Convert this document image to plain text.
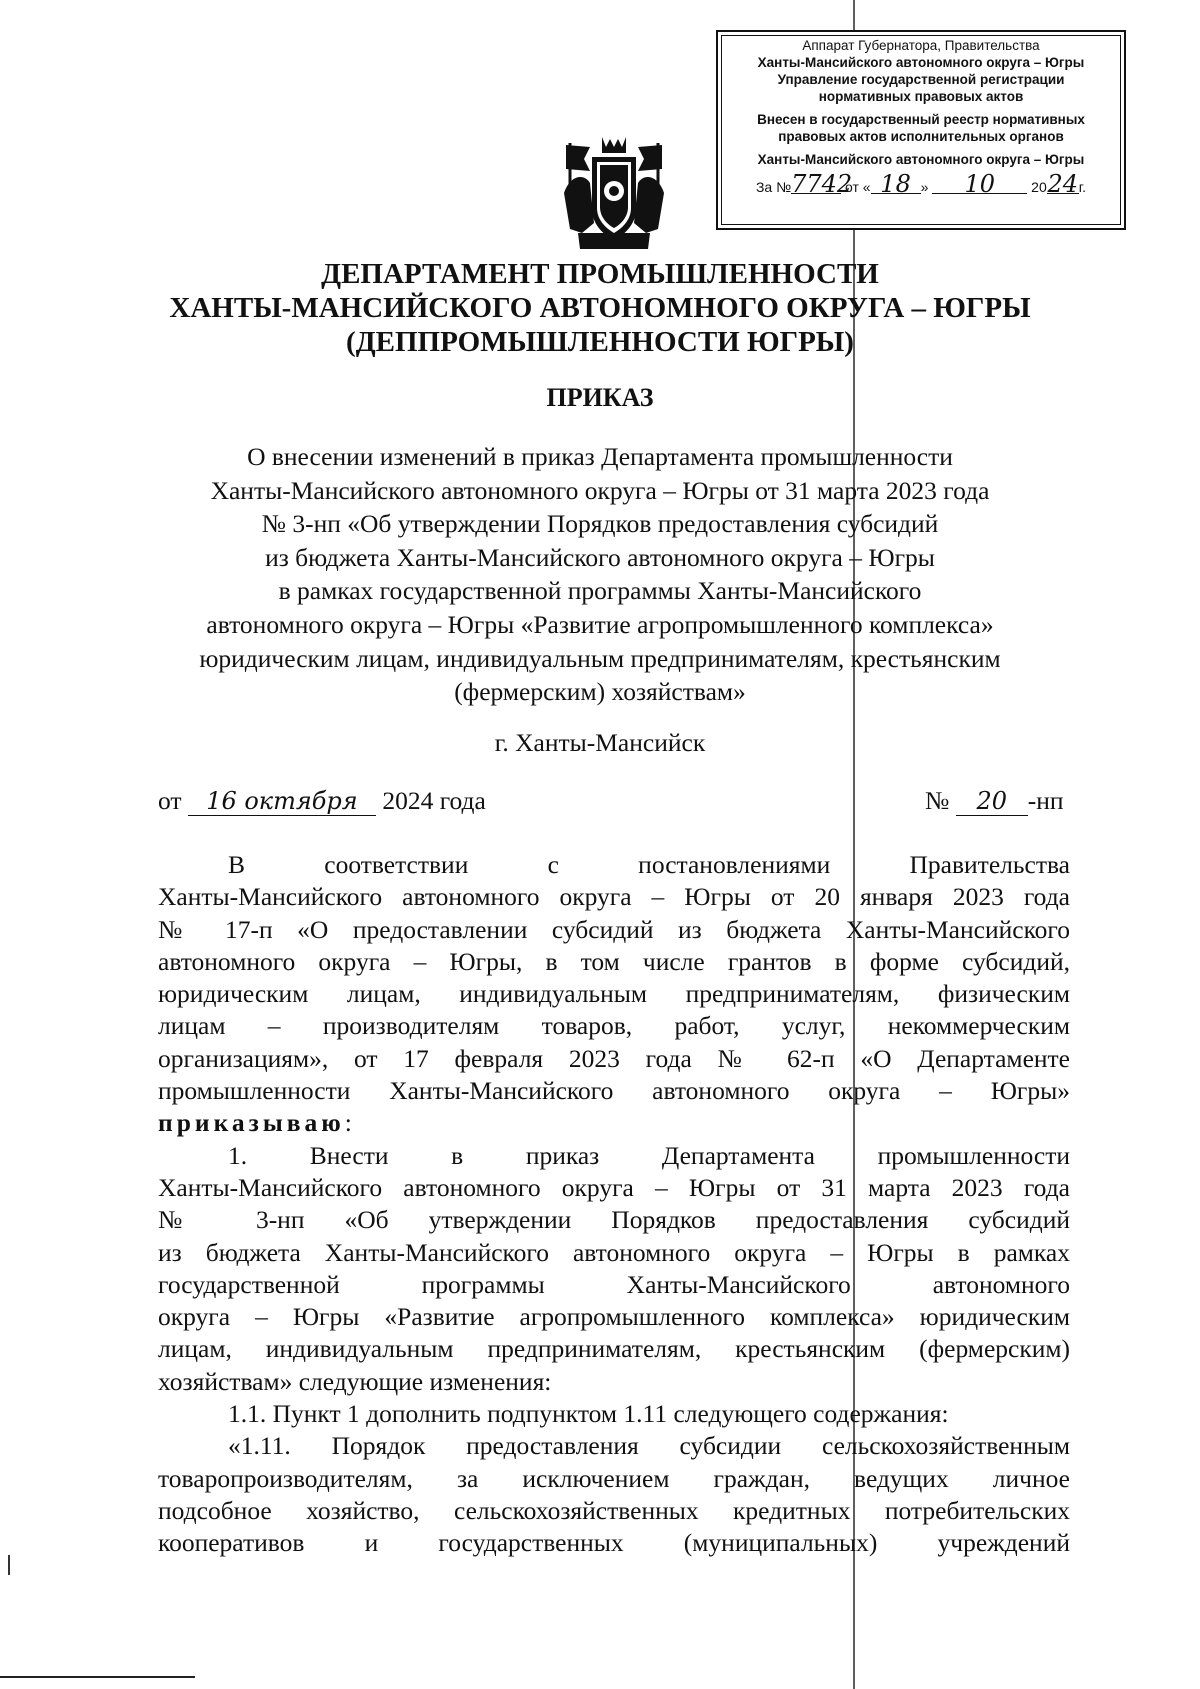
Аппарат Губернатора, Правительства
Ханты-Мансийского автономного округа – Югры
Управление государственной регистрации
нормативных правовых актов
Внесен в государственный реестр нормативных
правовых актов исполнительных органов
Ханты-Мансийского автономного округа – Югры
За №7742 от « 18 » 10	2024г.
ДЕПАРТАМЕНТ ПРОМЫШЛЕННОСТИ
ХАНТЫ-МАНСИЙСКОГО АВТОНОМНОГО ОКРУГА – ЮГРЫ
(ДЕППРОМЫШЛЕННОСТИ ЮГРЫ)
ПРИКАЗ
О внесении изменений в приказ Департамента промышленности
Ханты-Мансийского автономного округа – Югры от 31 марта 2023 года
№ 3-нп «Об утверждении Порядков предоставления субсидий
из бюджета Ханты-Мансийского автономного округа – Югры
в рамках государственной программы Ханты-Мансийского
автономного округа – Югры «Развитие агропромышленного комплекса»
юридическим лицам, индивидуальным предпринимателям, крестьянским
(фермерским) хозяйствам»
г. Ханты-Мансийск
от 16 октября 2024 года	№ 20 -нп

В соответствии с постановлениями Правительства

Ханты-Мансийского автономного округа – Югры от 20 января 2023 года

№ 17-п «О предоставлении субсидий из бюджета Ханты-Мансийского

автономного округа – Югры, в том числе грантов в форме субсидий,

юридическим лицам, индивидуальным предпринимателям, физическим

лицам – производителям товаров, работ, услуг, некоммерческим

организациям», от 17 февраля 2023 года № 62-п «О Департаменте

промышленности Ханты-Мансийского автономного округа – Югры»

приказываю:

1. Внести в приказ Департамента промышленности

Ханты-Мансийского автономного округа – Югры от 31 марта 2023 года

№ 3-нп «Об утверждении Порядков предоставления субсидий

из бюджета Ханты-Мансийского автономного округа – Югры в рамках

государственной программы Ханты-Мансийского автономного

округа – Югры «Развитие агропромышленного комплекса» юридическим

лицам, индивидуальным предпринимателям, крестьянским (фермерским)

хозяйствам» следующие изменения:

1.1. Пункт 1 дополнить подпунктом 1.11 следующего содержания:

«1.11. Порядок предоставления субсидии сельскохозяйственным

товаропроизводителям, за исключением граждан, ведущих личное

подсобное хозяйство, сельскохозяйственных кредитных потребительских

кооперативов и государственных (муниципальных) учреждений
